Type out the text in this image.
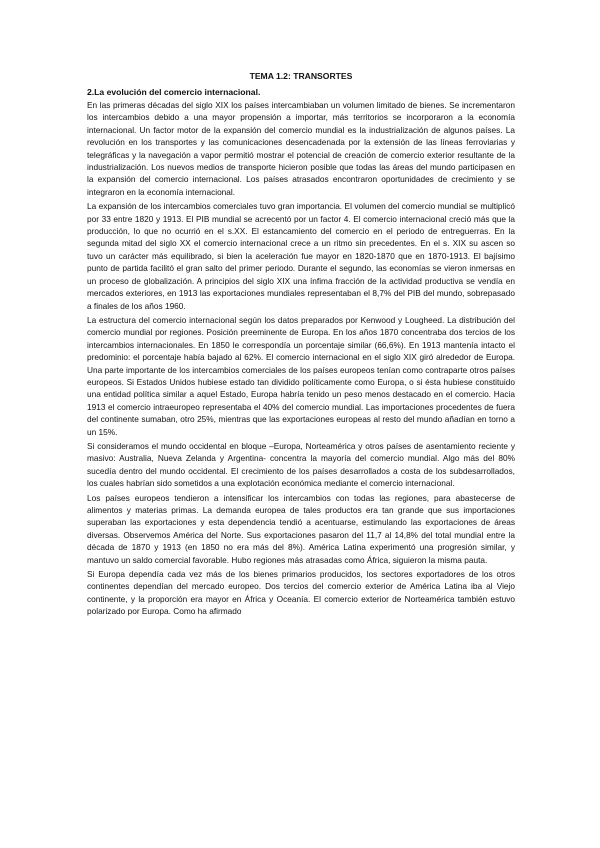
TEMA 1.2: TRANSORTES
2.La evolución del comercio internacional.

En las primeras décadas del siglo XIX los países intercambiaban un volumen limitado de bienes. Se incrementaron los intercambios debido a una mayor propensión a importar, más territorios se incorporaron a la economía internacional. Un factor motor de la expansión del comercio mundial es la industrialización de algunos países. La revolución en los transportes y las comunicaciones desencadenada por la extensión de las líneas ferroviarias y telegráficas y la navegación a vapor permitió mostrar el potencial de creación de comercio exterior resultante de la industrialización. Los nuevos medios de transporte hicieron posible que todas las áreas del mundo participasen en la expansión del comercio internacional. Los países atrasados encontraron oportunidades de crecimiento y se integraron en la economía internacional.

La expansión de los intercambios comerciales tuvo gran importancia. El volumen del comercio mundial se multiplicó por 33 entre 1820 y 1913. El PIB mundial se acrecentó por un factor 4. El comercio internacional creció más que la producción, lo que no ocurrió en el s.XX. El estancamiento del comercio en el periodo de entreguerras. En la segunda mitad del siglo XX el comercio internacional crece a un ritmo sin precedentes. En el s. XIX su ascen so tuvo un carácter más equilibrado, si bien la aceleración fue mayor en 1820-1870 que en 1870-1913. El bajísimo punto de partida facilitó el gran salto del primer periodo. Durante el segundo, las economías se vieron inmersas en un proceso de globalización. A principios del siglo XIX una ínfima fracción de la actividad productiva se vendía en mercados exteriores, en 1913 las exportaciones mundiales representaban el 8,7% del PIB del mundo, sobrepasado a finales de los años 1960.

La estructura del comercio internacional según los datos preparados por Kenwood y Lougheed. La distribución del comercio mundial por regiones. Posición preeminente de Europa. En los años 1870 concentraba dos tercios de los intercambios internacionales. En 1850 le correspondía un porcentaje similar (66,6%). En 1913 mantenía intacto el predominio: el porcentaje había bajado al 62%. El comercio internacional en el siglo XIX giró alrededor de Europa. Una parte importante de los intercambios comerciales de los países europeos tenían como contraparte otros países europeos. Si Estados Unidos hubiese estado tan dividido políticamente como Europa, o si ésta hubiese constituido una entidad política similar a aquel Estado, Europa habría tenido un peso menos destacado en el comercio. Hacia 1913 el comercio intraeuropeo representaba el 40% del comercio mundial. Las importaciones procedentes de fuera del continente sumaban, otro 25%, mientras que las exportaciones europeas al resto del mundo añadían en torno a un 15%.

Si consideramos el mundo occidental en bloque –Europa, Norteamérica y otros países de asentamiento reciente y masivo: Australia, Nueva Zelanda y Argentina- concentra la mayoría del comercio mundial. Algo más del 80% sucedía dentro del mundo occidental. El crecimiento de los países desarrollados a costa de los subdesarrollados, los cuales habrían sido sometidos a una explotación económica mediante el comercio internacional.

Los países europeos tendieron a intensificar los intercambios con todas las regiones, para abastecerse de alimentos y materias primas. La demanda europea de tales productos era tan grande que sus importaciones superaban las exportaciones y esta dependencia tendió a acentuarse, estimulando las exportaciones de áreas diversas. Observemos América del Norte. Sus exportaciones pasaron del 11,7 al 14,8% del total mundial entre la década de 1870 y 1913 (en 1850 no era más del 8%). América Latina experimentó una progresión similar, y mantuvo un saldo comercial favorable. Hubo regiones más atrasadas como África, siguieron la misma pauta.

Si Europa dependía cada vez más de los bienes primarios producidos, los sectores exportadores de los otros continentes dependían del mercado europeo. Dos tercios del comercio exterior de América Latina iba al Viejo continente, y la proporción era mayor en África y Oceanía. El comercio exterior de Norteamérica también estuvo polarizado por Europa. Como ha afirmado
